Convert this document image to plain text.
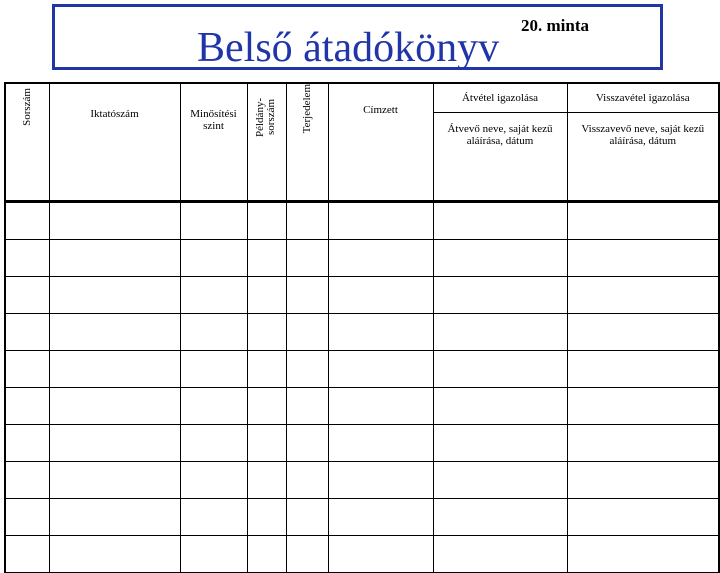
Belső átadókönyv 20. minta
Sorszám	Iktatószám	Minősítési szint	Példány-sorszám	Terjedelem	Címzett	Átvétel igazolása	Visszavétel igazolása
						Átvevő neve, saját kezű aláírása, dátum	Visszavevő neve, saját kezű aláírása, dátum
